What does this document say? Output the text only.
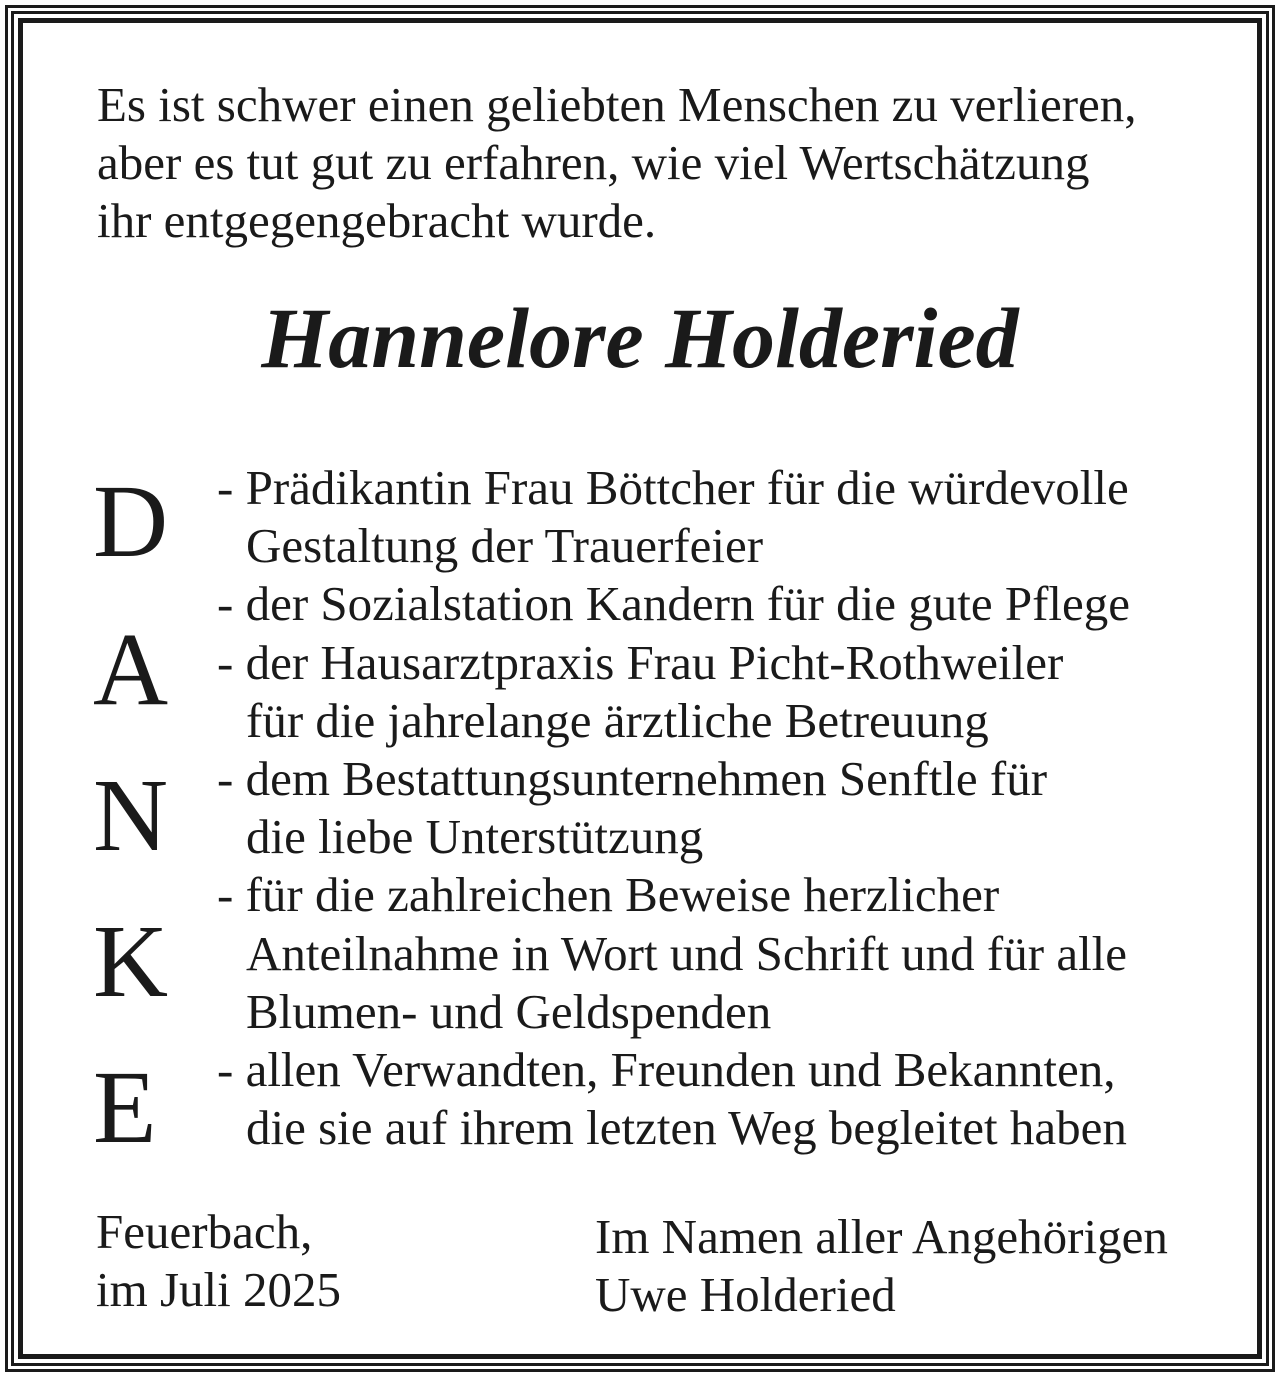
Es ist schwer einen geliebten Menschen zu verlieren,
aber es tut gut zu erfahren, wie viel Wertschätzung
ihr entgegengebracht wurde.
Hannelore Holderied
D
A
N
K
E
- Prädikantin Frau Böttcher für die würdevolle
Gestaltung der Trauerfeier
- der Sozialstation Kandern für die gute Pflege
- der Hausarztpraxis Frau Picht-Rothweiler
für die jahrelange ärztliche Betreuung
- dem Bestattungsunternehmen Senftle für
die liebe Unterstützung
- für die zahlreichen Beweise herzlicher
Anteilnahme in Wort und Schrift und für alle
Blumen- und Geldspenden
- allen Verwandten, Freunden und Bekannten,
die sie auf ihrem letzten Weg begleitet haben
Feuerbach,
im Juli 2025
Im Namen aller Angehörigen
Uwe Holderied
